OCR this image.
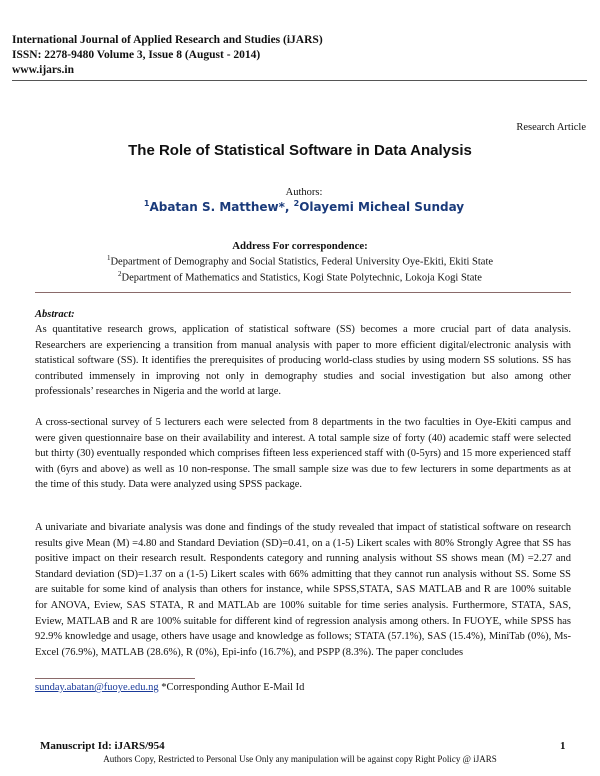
International Journal of Applied Research and Studies (iJARS)
ISSN: 2278-9480 Volume 3, Issue 8 (August - 2014)
www.ijars.in
Research Article
The Role of Statistical Software in Data Analysis
Authors:
$^1$Abatan S. Matthew*, $^2$Olayemi Micheal Sunday
Address For correspondence:
$^1$Department of Demography and Social Statistics, Federal University Oye-Ekiti, Ekiti State
$^2$Department of Mathematics and Statistics, Kogi State Polytechnic, Lokoja Kogi State
Abstract:
As quantitative research grows, application of statistical software (SS) becomes a more crucial part of data analysis. Researchers are experiencing a transition from manual analysis with paper to more efficient digital/electronic analysis with statistical software (SS). It identifies the prerequisites of producing world-class studies by using modern SS solutions. SS has contributed immensely in improving not only in demography studies and social investigation but also among other professionals’ researches in Nigeria and the world at large.
A cross-sectional survey of 5 lecturers each were selected from 8 departments in the two faculties in Oye-Ekiti campus and were given questionnaire base on their availability and interest. A total sample size of forty (40) academic staff were selected but thirty (30) eventually responded which comprises fifteen less experienced staff with (0-5yrs) and 15 more experienced staff with (6yrs and above) as well as 10 non-response. The small sample size was due to few lecturers in some departments as at the time of this study. Data were analyzed using SPSS package.
A univariate and bivariate analysis was done and findings of the study revealed that impact of statistical software on research results give Mean (M) =4.80 and Standard Deviation (SD)=0.41, on a (1-5) Likert scales with 80% Strongly Agree that SS has positive impact on their research result. Respondents category and running analysis without SS shows mean (M) =2.27 and Standard deviation (SD)=1.37 on a (1-5) Likert scales with 66% admitting that they cannot run analysis without SS. Some SS are suitable for some kind of analysis than others for instance, while SPSS,STATA, SAS MATLAB and R are 100% suitable for ANOVA, Eview, SAS STATA, R and MATLAb are 100% suitable for time series analysis. Furthermore, STATA, SAS, Eview, MATLAB and R are 100% suitable for different kind of regression analysis among others. In FUOYE, while SPSS has 92.9% knowledge and usage, others have usage and knowledge as follows; STATA (57.1%), SAS (15.4%), MiniTab (0%), Ms-Excel (76.9%), MATLAB (28.6%), R (0%), Epi-info (16.7%), and PSPP (8.3%). The paper concludes
sunday.abatan@fuoye.edu.ng *Corresponding Author E-Mail Id
Manuscript Id: iJARS/954	1
Authors Copy, Restricted to Personal Use Only any manipulation will be against copy Right Policy @ iJARS
